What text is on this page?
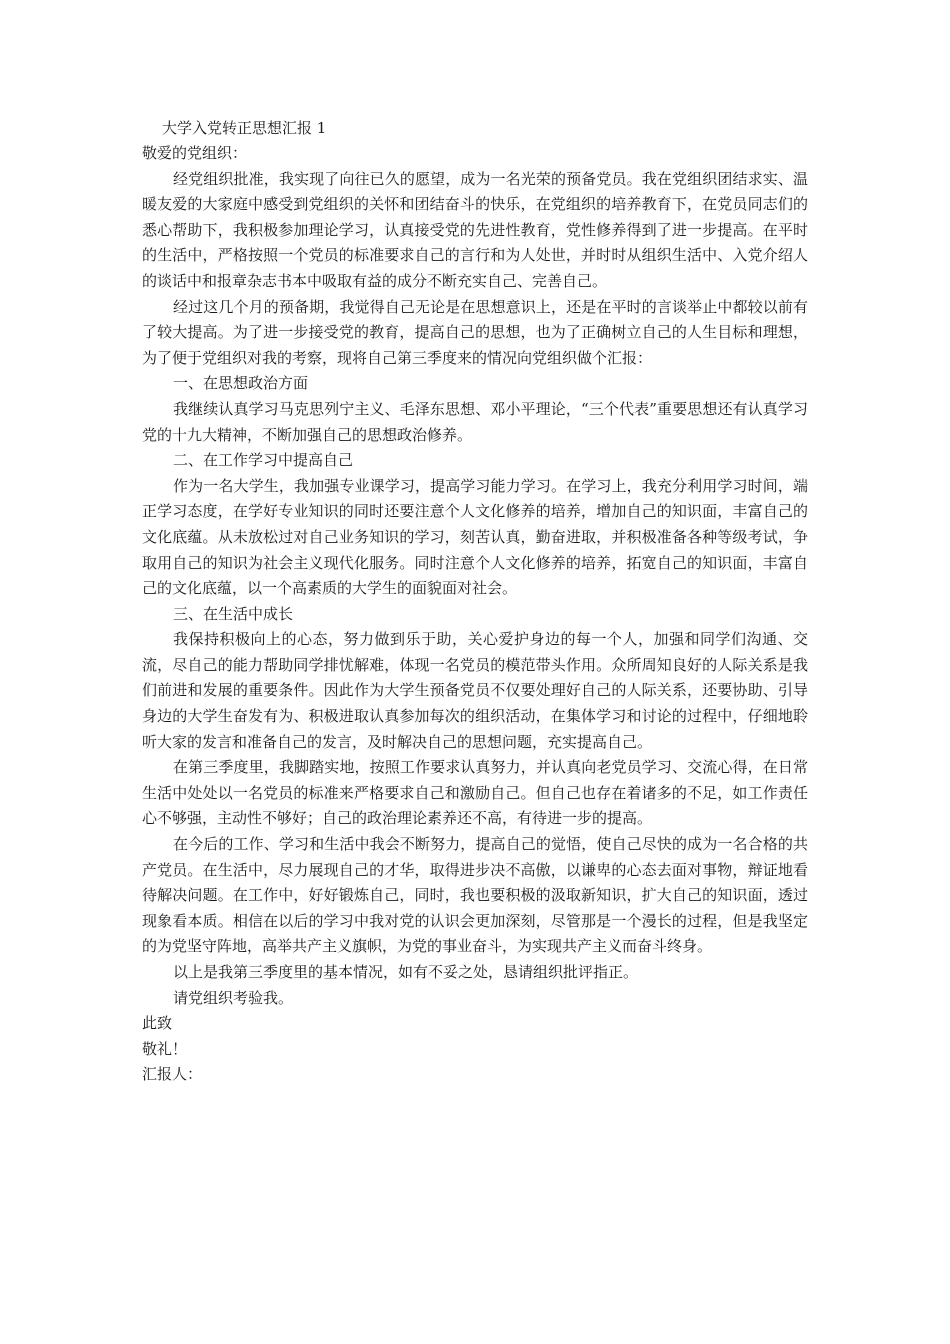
大学入党转正思想汇报 1

敬爱的党组织：

经党组织批准，我实现了向往已久的愿望，成为一名光荣的预备党员。我在党组织团结求实、温暖友爱的大家庭中感受到党组织的关怀和团结奋斗的快乐，在党组织的培养教育下，在党员同志们的悉心帮助下，我积极参加理论学习，认真接受党的先进性教育，党性修养得到了进一步提高。在平时的生活中，严格按照一个党员的标准要求自己的言行和为人处世，并时时从组织生活中、入党介绍人的谈话中和报章杂志书本中吸取有益的成分不断充实自己、完善自己。

经过这几个月的预备期，我觉得自己无论是在思想意识上，还是在平时的言谈举止中都较以前有了较大提高。为了进一步接受党的教育，提高自己的思想，也为了正确树立自己的人生目标和理想，为了便于党组织对我的考察，现将自己第三季度来的情况向党组织做个汇报：

一、在思想政治方面

我继续认真学习马克思列宁主义、毛泽东思想、邓小平理论，“三个代表”重要思想还有认真学习党的十九大精神，不断加强自己的思想政治修养。

二、在工作学习中提高自己

作为一名大学生，我加强专业课学习，提高学习能力学习。在学习上，我充分利用学习时间，端正学习态度，在学好专业知识的同时还要注意个人文化修养的培养，增加自己的知识面，丰富自己的文化底蕴。从未放松过对自己业务知识的学习，刻苦认真，勤奋进取，并积极准备各种等级考试，争取用自己的知识为社会主义现代化服务。同时注意个人文化修养的培养，拓宽自己的知识面，丰富自己的文化底蕴，以一个高素质的大学生的面貌面对社会。

三、在生活中成长

我保持积极向上的心态，努力做到乐于助，关心爱护身边的每一个人，加强和同学们沟通、交流，尽自己的能力帮助同学排忧解难，体现一名党员的模范带头作用。众所周知良好的人际关系是我们前进和发展的重要条件。因此作为大学生预备党员不仅要处理好自己的人际关系，还要协助、引导身边的大学生奋发有为、积极进取认真参加每次的组织活动，在集体学习和讨论的过程中，仔细地聆听大家的发言和准备自己的发言，及时解决自己的思想问题，充实提高自己。

在第三季度里，我脚踏实地，按照工作要求认真努力，并认真向老党员学习、交流心得，在日常生活中处处以一名党员的标准来严格要求自己和激励自己。但自己也存在着诸多的不足，如工作责任心不够强，主动性不够好；自己的政治理论素养还不高，有待进一步的提高。

在今后的工作、学习和生活中我会不断努力，提高自己的觉悟，使自己尽快的成为一名合格的共产党员。在生活中，尽力展现自己的才华，取得进步决不高傲，以谦卑的心态去面对事物，辩证地看待解决问题。在工作中，好好锻炼自己，同时，我也要积极的汲取新知识，扩大自己的知识面，透过现象看本质。相信在以后的学习中我对党的认识会更加深刻，尽管那是一个漫长的过程，但是我坚定的为党坚守阵地，高举共产主义旗帜，为党的事业奋斗，为实现共产主义而奋斗终身。

以上是我第三季度里的基本情况，如有不妥之处，恳请组织批评指正。

请党组织考验我。

此致

敬礼！

汇报人：
